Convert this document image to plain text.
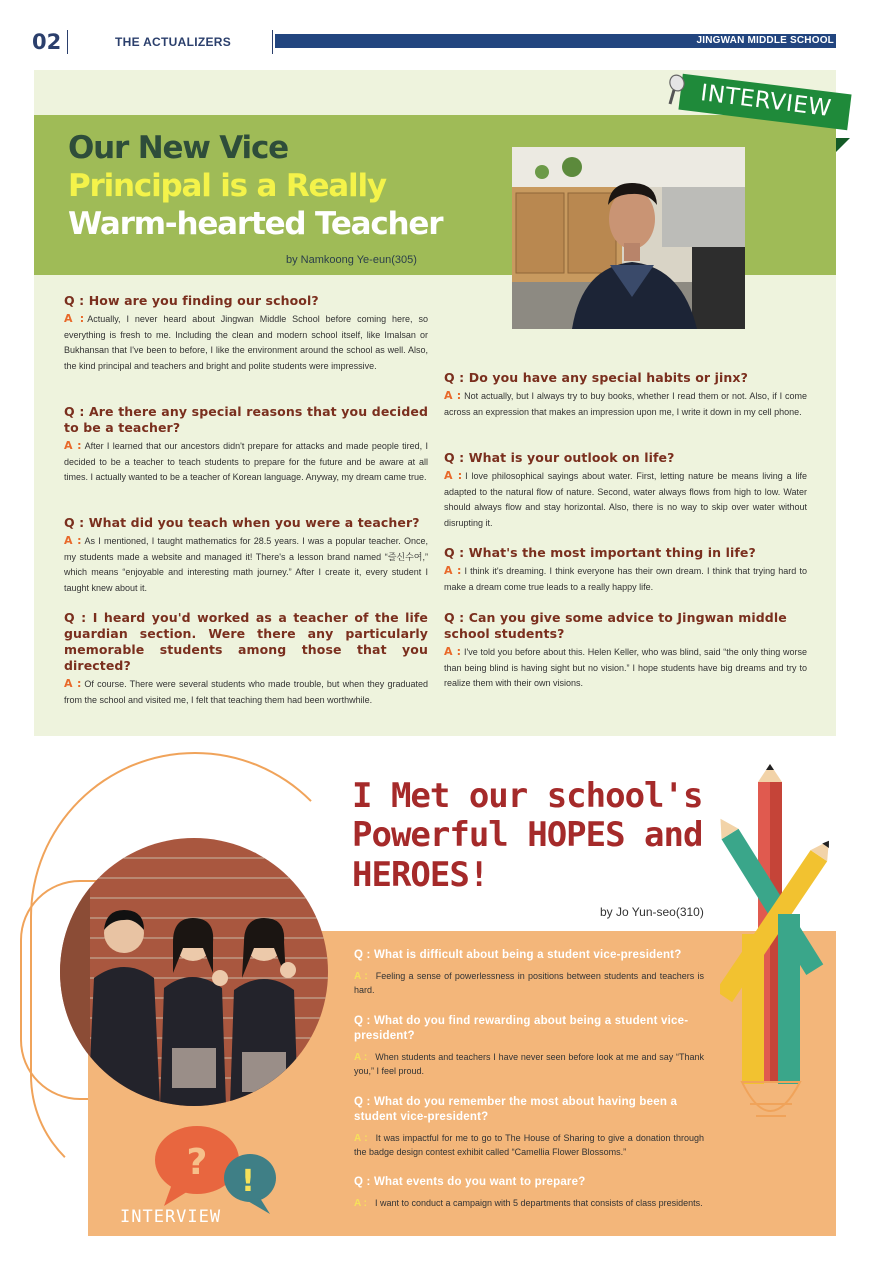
02	THE ACTUALIZERS	JINGWAN MIDDLE SCHOOL
Our New Vice
Principal is a Really
Warm-hearted Teacher
by Namkoong Ye-eun(305)
INTERVIEW
Q : How are you finding our school?
A : Actually, I never heard about Jingwan Middle School before coming here, so everything is fresh to me. Including the clean and modern school itself, like Imalsan or Bukhansan that I've been to before, I like the environment around the school as well. Also, the kind principal and teachers and bright and polite students were impressive.
Q : Are there any special reasons that you decided to be a teacher?
A : After I learned that our ancestors didn't prepare for attacks and made people tired, I decided to be a teacher to teach students to prepare for the future and be aware at all times. I actually wanted to be a teacher of Korean language. Anyway, my dream came true.
Q : What did you teach when you were a teacher?
A : As I mentioned, I taught mathematics for 28.5 years. I was a popular teacher. Once, my students made a website and managed it! There's a lesson brand named “즐신수여,” which means “enjoyable and interesting math journey.” After I create it, every student I taught knew about it.
Q : I heard you'd worked as a teacher of the life guardian section. Were there any particularly memorable students among those that you directed?
A : Of course. There were several students who made trouble, but when they graduated from the school and visited me, I felt that teaching them had been worthwhile.
Q : Do you have any special habits or jinx?
A : Not actually, but I always try to buy books, whether I read them or not. Also, if I come across an expression that makes an impression upon me, I write it down in my cell phone.
Q : What is your outlook on life?
A : I love philosophical sayings about water. First, letting nature be means living a life adapted to the natural flow of nature. Second, water always flows from high to low. Water should always flow and stay horizontal. Also, there is no way to skip over water without disrupting it.
Q : What's the most important thing in life?
A : I think it's dreaming. I think everyone has their own dream. I think that trying hard to make a dream come true leads to a really happy life.
Q : Can you give some advice to Jingwan middle school students?
A : I've told you before about this. Helen Keller, who was blind, said “the only thing worse than being blind is having sight but no vision.” I hope students have big dreams and try to realize them with their own visions.
I Met our school's
Powerful HOPES and
HEROES!
by Jo Yun-seo(310)
Q : What is difficult about being a student vice-president?
A : Feeling a sense of powerlessness in positions between students and teachers is hard.
Q : What do you find rewarding about being a student vice-president?
A : When students and teachers I have never seen before look at me and say “Thank you,” I feel proud.
Q : What do you remember the most about having been a student vice-president?
A : It was impactful for me to go to The House of Sharing to give a donation through the badge design contest exhibit called “Camellia Flower Blossoms.”
Q : What events do you want to prepare?
A : I want to conduct a campaign with 5 departments that consists of class presidents.
? !
INTERVIEW
